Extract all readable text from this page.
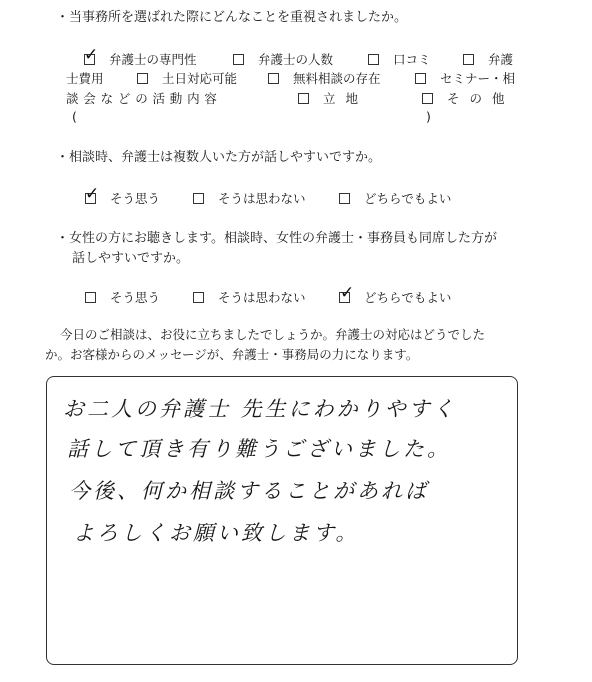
・当事務所を選ばれた際にどんなことを重視されましたか。
弁護士の専門性
✓	弁護士の人数	口コミ	弁護
士費用	土日対応可能	無料相談の存在	セミナー・相
談会などの活動内容	立地	その他
(	)
・相談時、弁護士は複数人いた方が話しやすいですか。
そう思う
✓	そうは思わない	どちらでもよい
・女性の方にお聴きします。相談時、女性の弁護士・事務員も同席した方が
話しやすいですか。
そう思う	そうは思わない	どちらでもよい
✓
今日のご相談は、お役に立ちましたでしょうか。弁護士の対応はどうでした
か。お客様からのメッセージが、弁護士・事務局の力になります。
お二人の弁護士 先生にわかりやすく
話して頂き有り難うございました。
今後、何か相談することがあれば
よろしくお願い致します。
